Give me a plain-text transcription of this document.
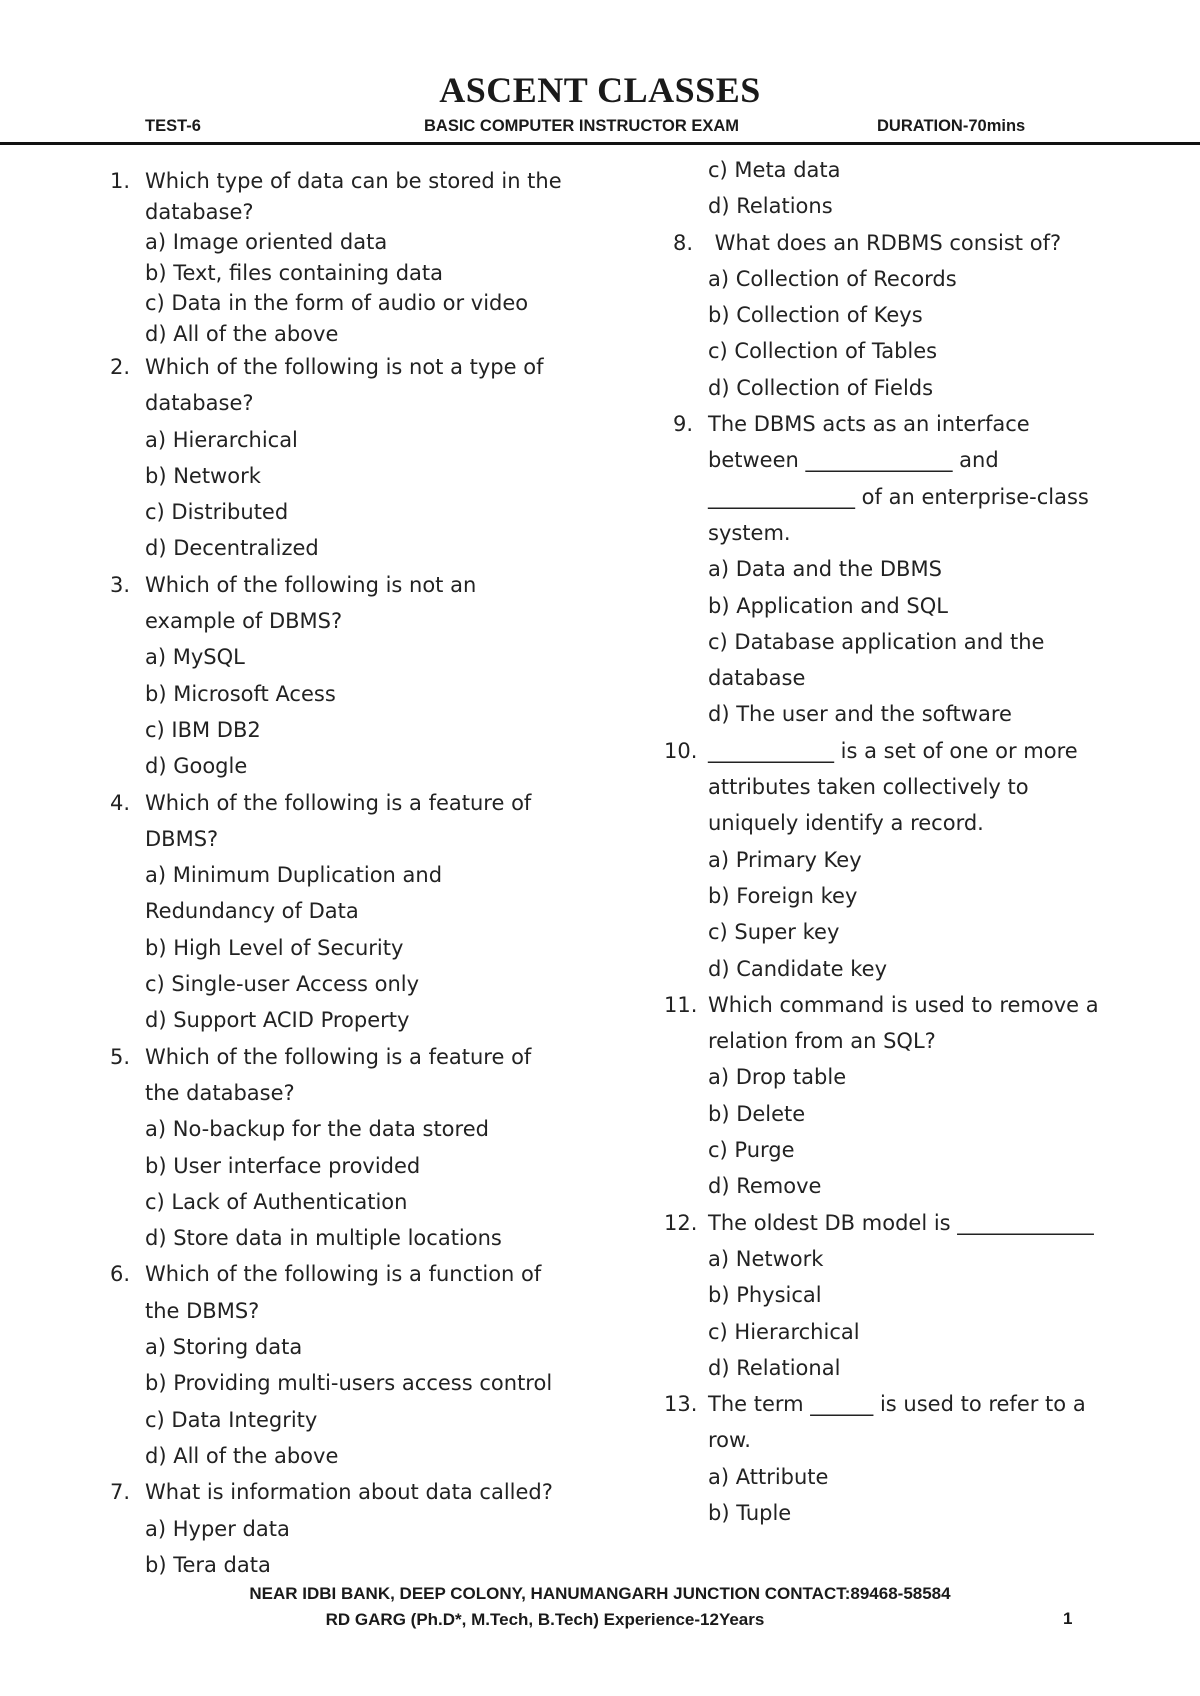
ASCENT CLASSES
TEST-6	BASIC COMPUTER INSTRUCTOR EXAM	DURATION-70mins
1. Which type of data can be stored in the
database?
a) Image oriented data
b) Text, files containing data
c) Data in the form of audio or video
d) All of the above
2. Which of the following is not a type of
database?
a) Hierarchical
b) Network
c) Distributed
d) Decentralized
3. Which of the following is not an
example of DBMS?
a) MySQL
b) Microsoft Acess
c) IBM DB2
d) Google
4. Which of the following is a feature of
DBMS?
a) Minimum Duplication and
Redundancy of Data
b) High Level of Security
c) Single-user Access only
d) Support ACID Property
5. Which of the following is a feature of
the database?
a) No-backup for the data stored
b) User interface provided
c) Lack of Authentication
d) Store data in multiple locations
6. Which of the following is a function of
the DBMS?
a) Storing data
b) Providing multi-users access control
c) Data Integrity
d) All of the above
7. What is information about data called?
a) Hyper data
b) Tera data
c) Meta data
d) Relations
8. What does an RDBMS consist of?
a) Collection of Records
b) Collection of Keys
c) Collection of Tables
d) Collection of Fields
9. The DBMS acts as an interface
between ______________ and
______________ of an enterprise-class
system.
a) Data and the DBMS
b) Application and SQL
c) Database application and the
database
d) The user and the software
10. ____________ is a set of one or more
attributes taken collectively to
uniquely identify a record.
a) Primary Key
b) Foreign key
c) Super key
d) Candidate key
11. Which command is used to remove a
relation from an SQL?
a) Drop table
b) Delete
c) Purge
d) Remove
12. The oldest DB model is _____________
a) Network
b) Physical
c) Hierarchical
d) Relational
13. The term ______ is used to refer to a
row.
a) Attribute
b) Tuple
NEAR IDBI BANK, DEEP COLONY, HANUMANGARH JUNCTION CONTACT:89468-58584
RD GARG (Ph.D*, M.Tech, B.Tech) Experience-12Years	1
